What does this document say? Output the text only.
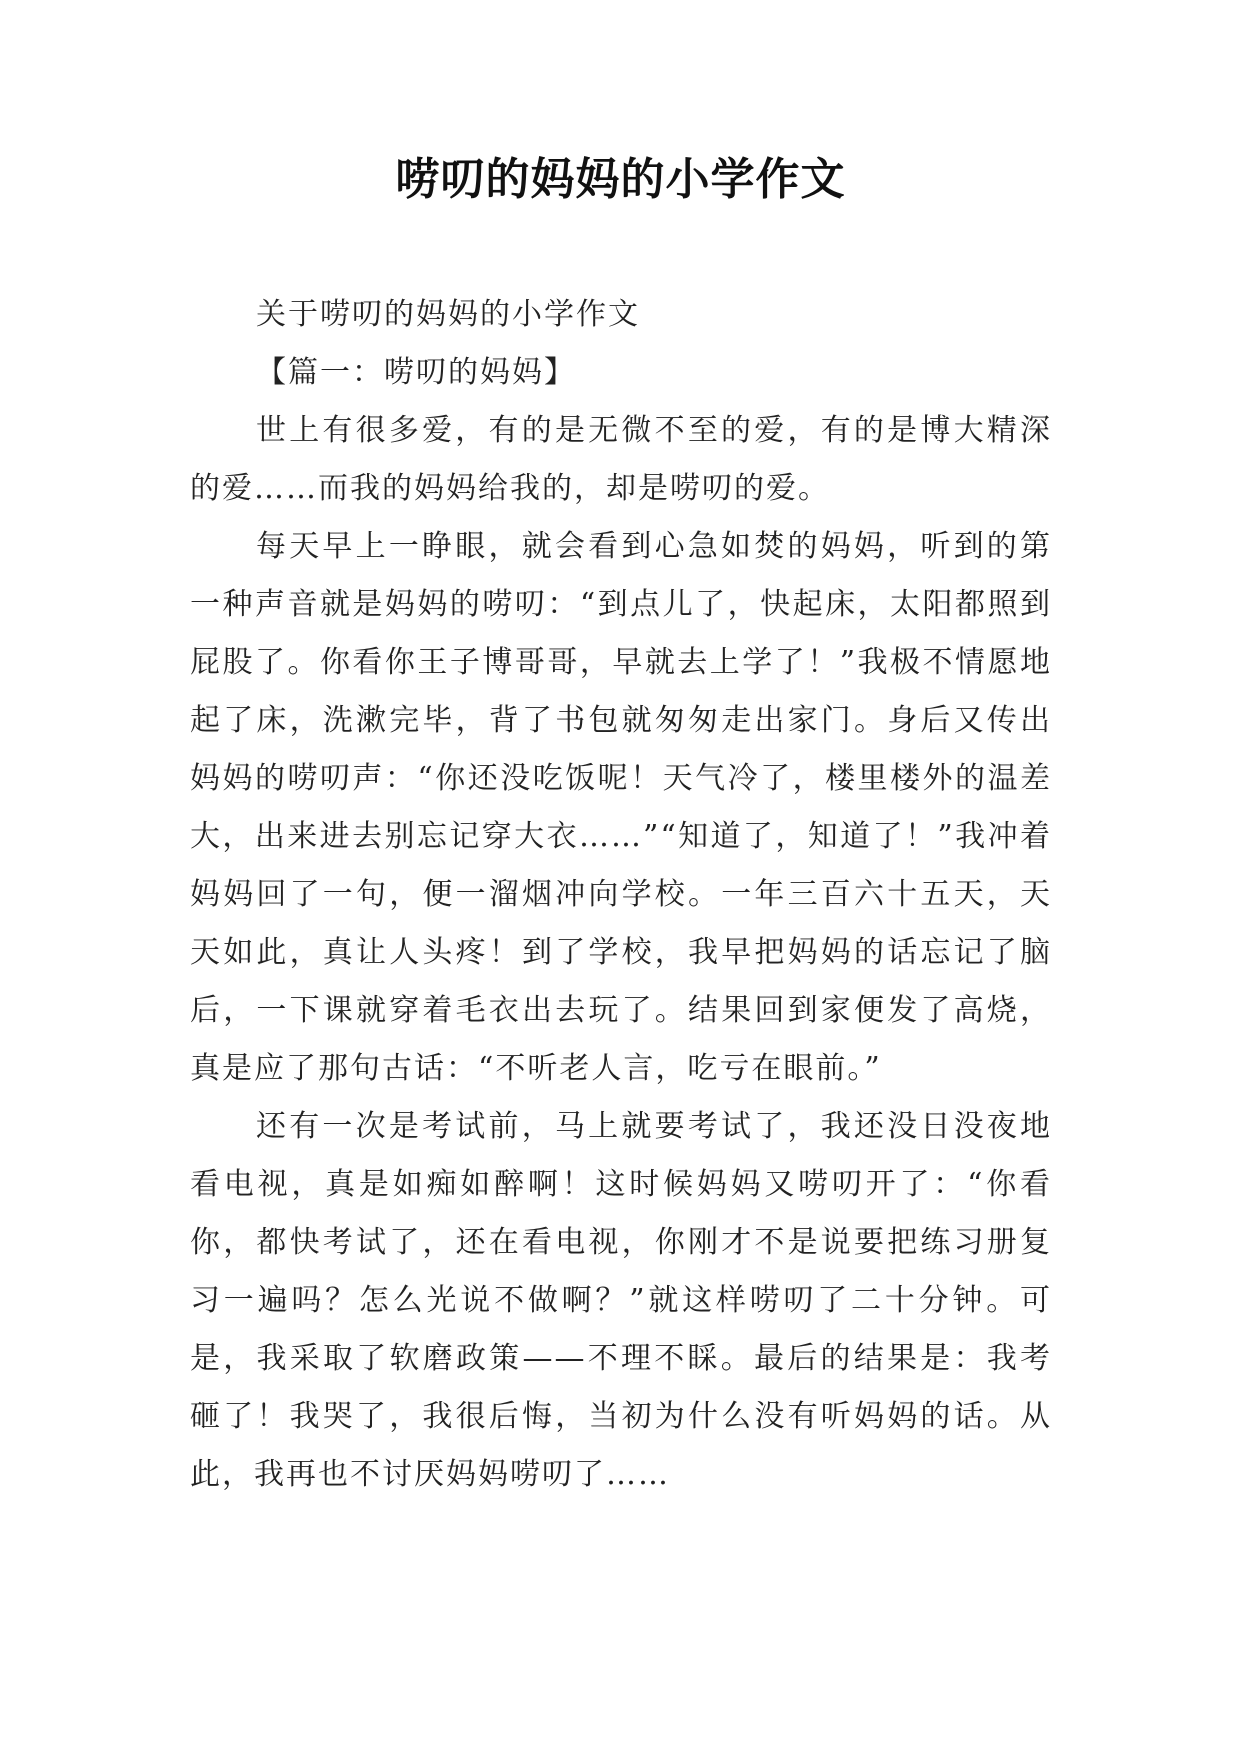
唠叨的妈妈的小学作文

关于唠叨的妈妈的小学作文

【篇一：唠叨的妈妈】

世上有很多爱，有的是无微不至的爱，有的是博大精深的爱……而我的妈妈给我的，却是唠叨的爱。

每天早上一睁眼，就会看到心急如焚的妈妈，听到的第一种声音就是妈妈的唠叨：“到点儿了，快起床，太阳都照到屁股了。你看你王子博哥哥，早就去上学了！”我极不情愿地起了床，洗漱完毕，背了书包就匆匆走出家门。身后又传出妈妈的唠叨声：“你还没吃饭呢！天气冷了，楼里楼外的温差大，出来进去别忘记穿大衣……”“知道了，知道了！”我冲着妈妈回了一句，便一溜烟冲向学校。一年三百六十五天，天天如此，真让人头疼！到了学校，我早把妈妈的话忘记了脑后，一下课就穿着毛衣出去玩了。结果回到家便发了高烧，真是应了那句古话：“不听老人言，吃亏在眼前。”

还有一次是考试前，马上就要考试了，我还没日没夜地看电视，真是如痴如醉啊！这时候妈妈又唠叨开了：“你看你，都快考试了，还在看电视，你刚才不是说要把练习册复习一遍吗？怎么光说不做啊？”就这样唠叨了二十分钟。可是，我采取了软磨政策——不理不睬。最后的结果是：我考砸了！我哭了，我很后悔，当初为什么没有听妈妈的话。从此，我再也不讨厌妈妈唠叨了……
